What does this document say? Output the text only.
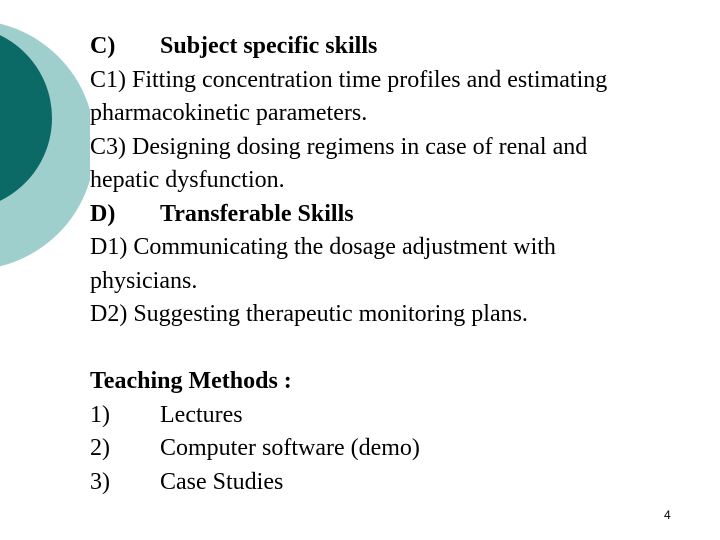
C) Subject specific skills
C1) Fitting concentration time profiles and estimating
pharmacokinetic parameters.
C3) Designing dosing regimens in case of renal and
hepatic dysfunction.
D) Transferable Skills
D1) Communicating the dosage adjustment with
physicians.
D2) Suggesting therapeutic monitoring plans.
Teaching Methods :
1) Lectures
2) Computer software (demo)
3) Case Studies
4
